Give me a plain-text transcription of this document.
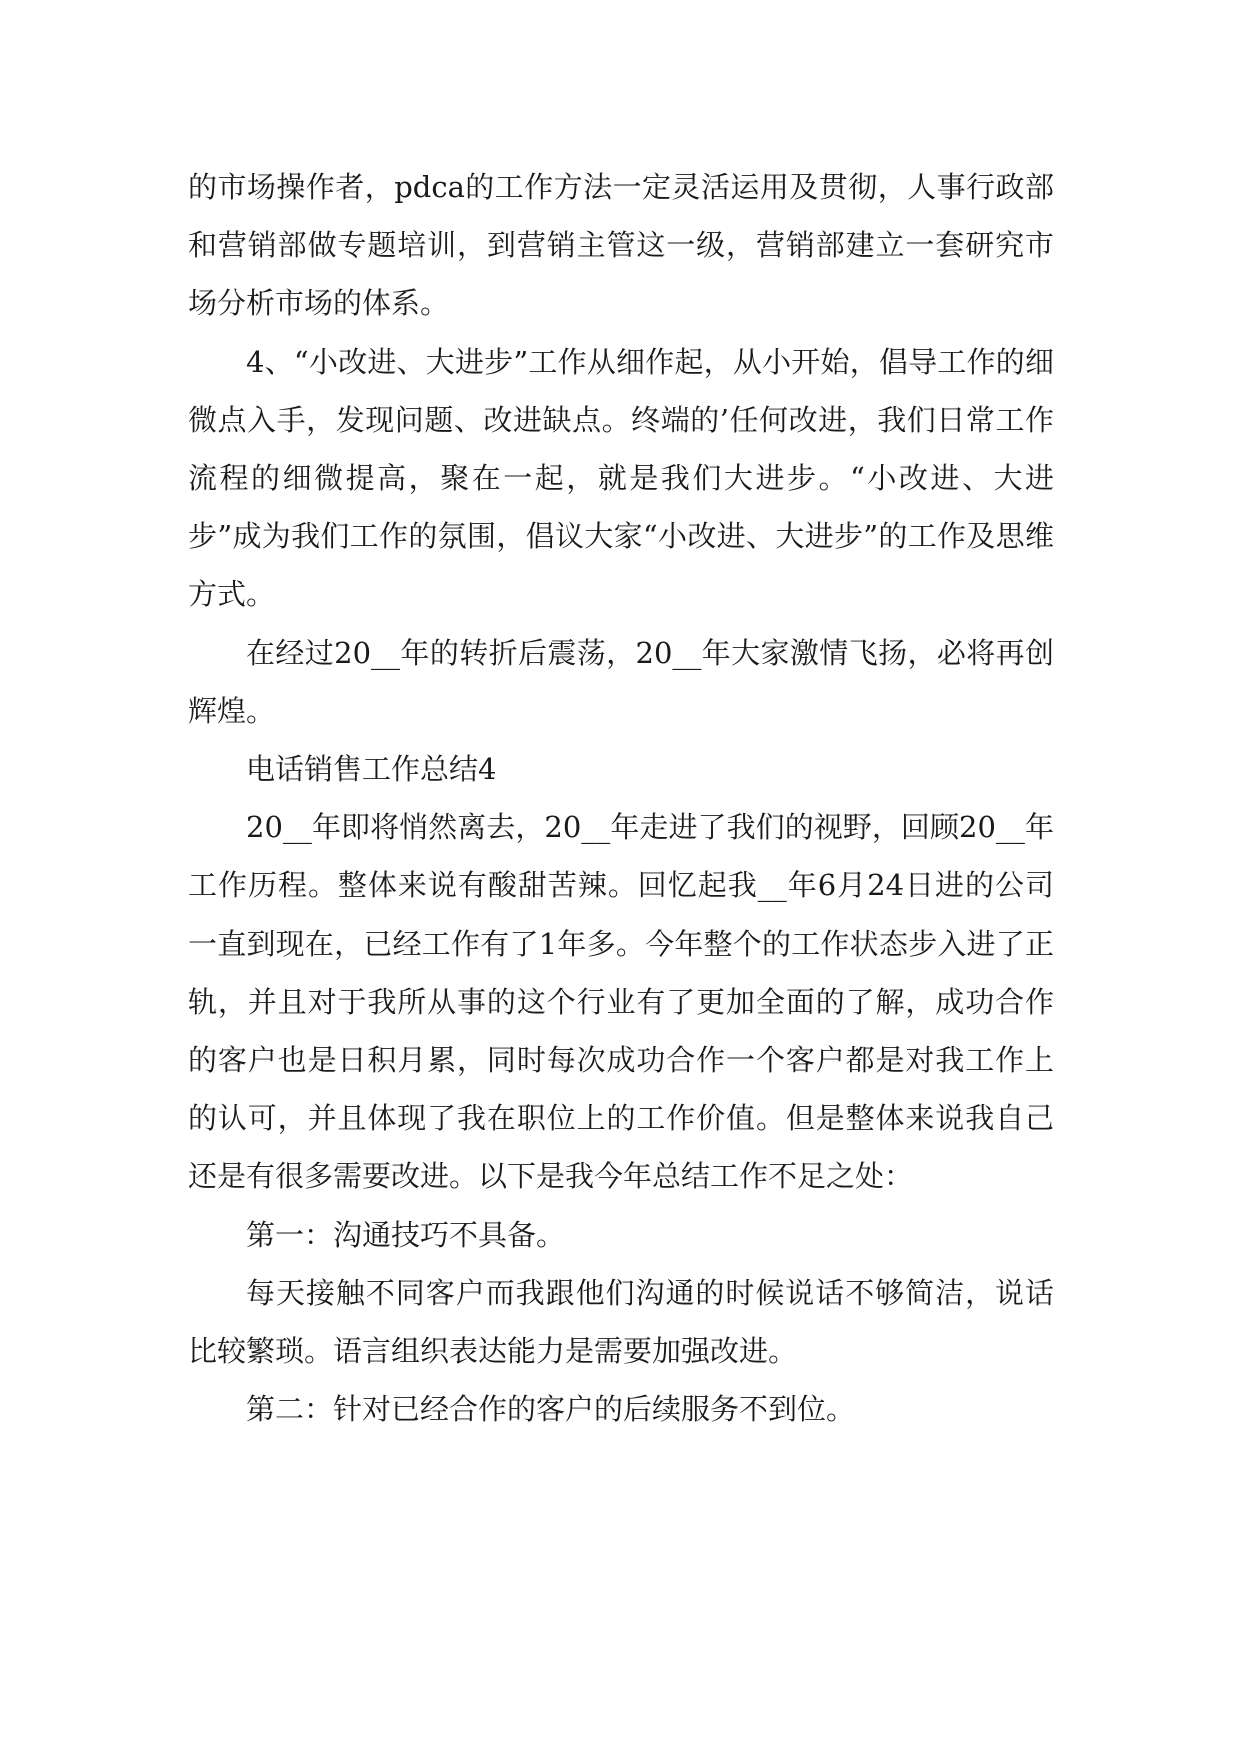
的市场操作者，pdca的工作方法一定灵活运用及贯彻，人事行政部和营销部做专题培训，到营销主管这一级，营销部建立一套研究市场分析市场的体系。

4、“小改进、大进步”工作从细作起，从小开始，倡导工作的细微点入手，发现问题、改进缺点。终端的’任何改进，我们日常工作流程的细微提高，聚在一起，就是我们大进步。“小改进、大进步”成为我们工作的氛围，倡议大家“小改进、大进步”的工作及思维方式。

在经过20__年的转折后震荡，20__年大家激情飞扬，必将再创辉煌。

电话销售工作总结4

20__年即将悄然离去，20__年走进了我们的视野，回顾20__年工作历程。整体来说有酸甜苦辣。回忆起我__年6月24日进的公司一直到现在，已经工作有了1年多。今年整个的工作状态步入进了正轨，并且对于我所从事的这个行业有了更加全面的了解，成功合作的客户也是日积月累，同时每次成功合作一个客户都是对我工作上的认可，并且体现了我在职位上的工作价值。但是整体来说我自己还是有很多需要改进。以下是我今年总结工作不足之处：

第一：沟通技巧不具备。

每天接触不同客户而我跟他们沟通的时候说话不够简洁，说话比较繁琐。语言组织表达能力是需要加强改进。

第二：针对已经合作的客户的后续服务不到位。
